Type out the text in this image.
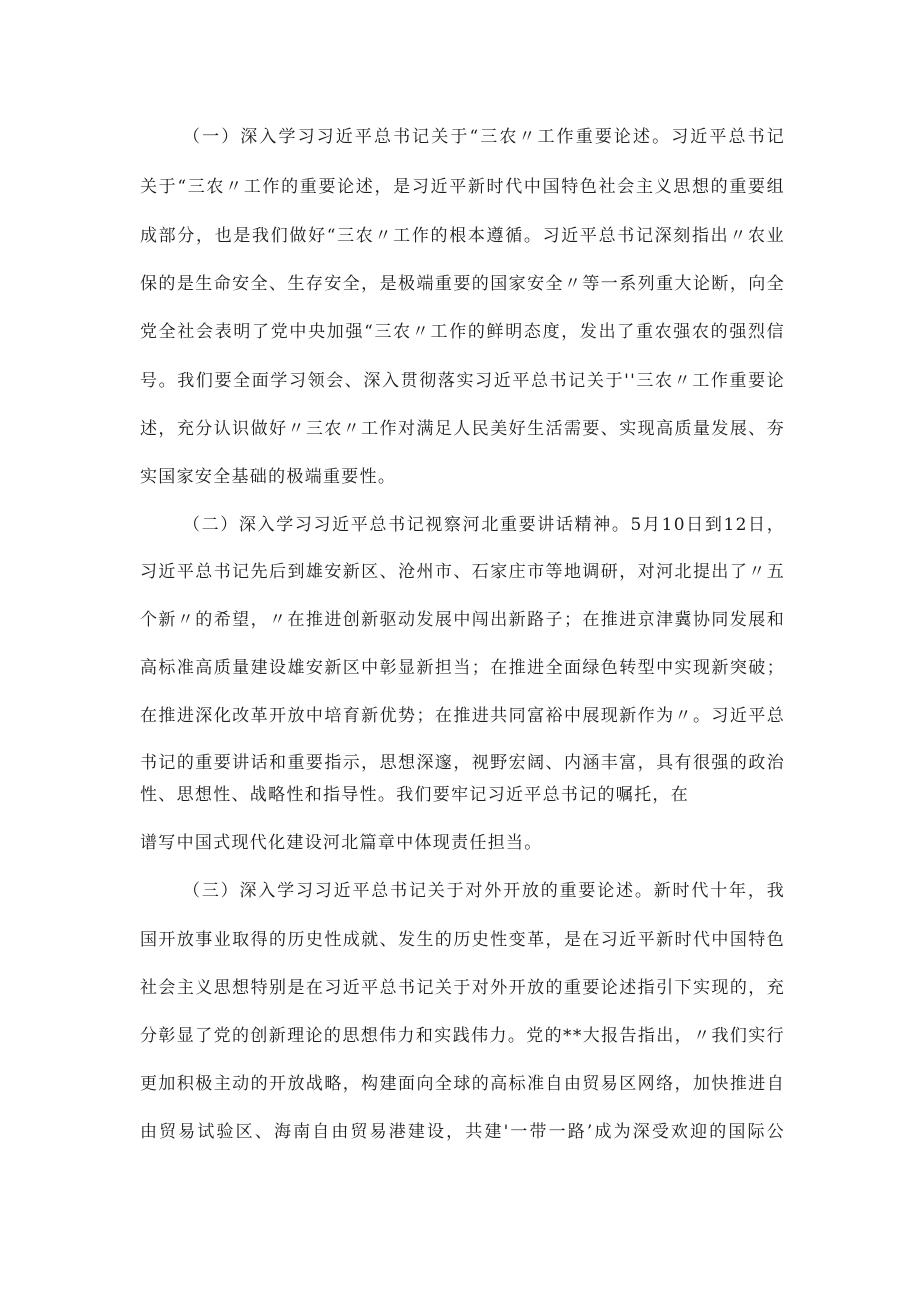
（一）深入学习习近平总书记关于“三农〃工作重要论述。习近平总书记
关于“三农〃工作的重要论述，是习近平新时代中国特色社会主义思想的重要组
成部分，也是我们做好“三农〃工作的根本遵循。习近平总书记深刻指出〃农业
保的是生命安全、生存安全，是极端重要的国家安全〃等一系列重大论断，向全
党全社会表明了党中央加强“三农〃工作的鲜明态度，发出了重农强农的强烈信
号。我们要全面学习领会、深入贯彻落实习近平总书记关于''三农〃工作重要论
述，充分认识做好〃三农〃工作对满足人民美好生活需要、实现高质量发展、夯
实国家安全基础的极端重要性。
（二）深入学习习近平总书记视察河北重要讲话精神。5月10日到12日，
习近平总书记先后到雄安新区、沧州市、石家庄市等地调研，对河北提出了〃五
个新〃的希望，〃在推进创新驱动发展中闯出新路子；在推进京津冀协同发展和
高标准高质量建设雄安新区中彰显新担当；在推进全面绿色转型中实现新突破；
在推进深化改革开放中培育新优势；在推进共同富裕中展现新作为〃。习近平总
书记的重要讲话和重要指示，思想深邃，视野宏阔、内涵丰富，具有很强的政治
性、思想性、战略性和指导性。我们要牢记习近平总书记的嘱托，在
谱写中国式现代化建设河北篇章中体现责任担当。
（三）深入学习习近平总书记关于对外开放的重要论述。新时代十年，我
国开放事业取得的历史性成就、发生的历史性变革，是在习近平新时代中国特色
社会主义思想特别是在习近平总书记关于对外开放的重要论述指引下实现的，充
分彰显了党的创新理论的思想伟力和实践伟力。党的**大报告指出，〃我们实行
更加积极主动的开放战略，构建面向全球的高标准自由贸易区网络，加快推进自
由贸易试验区、海南自由贸易港建设，共建'一带一路’成为深受欢迎的国际公
